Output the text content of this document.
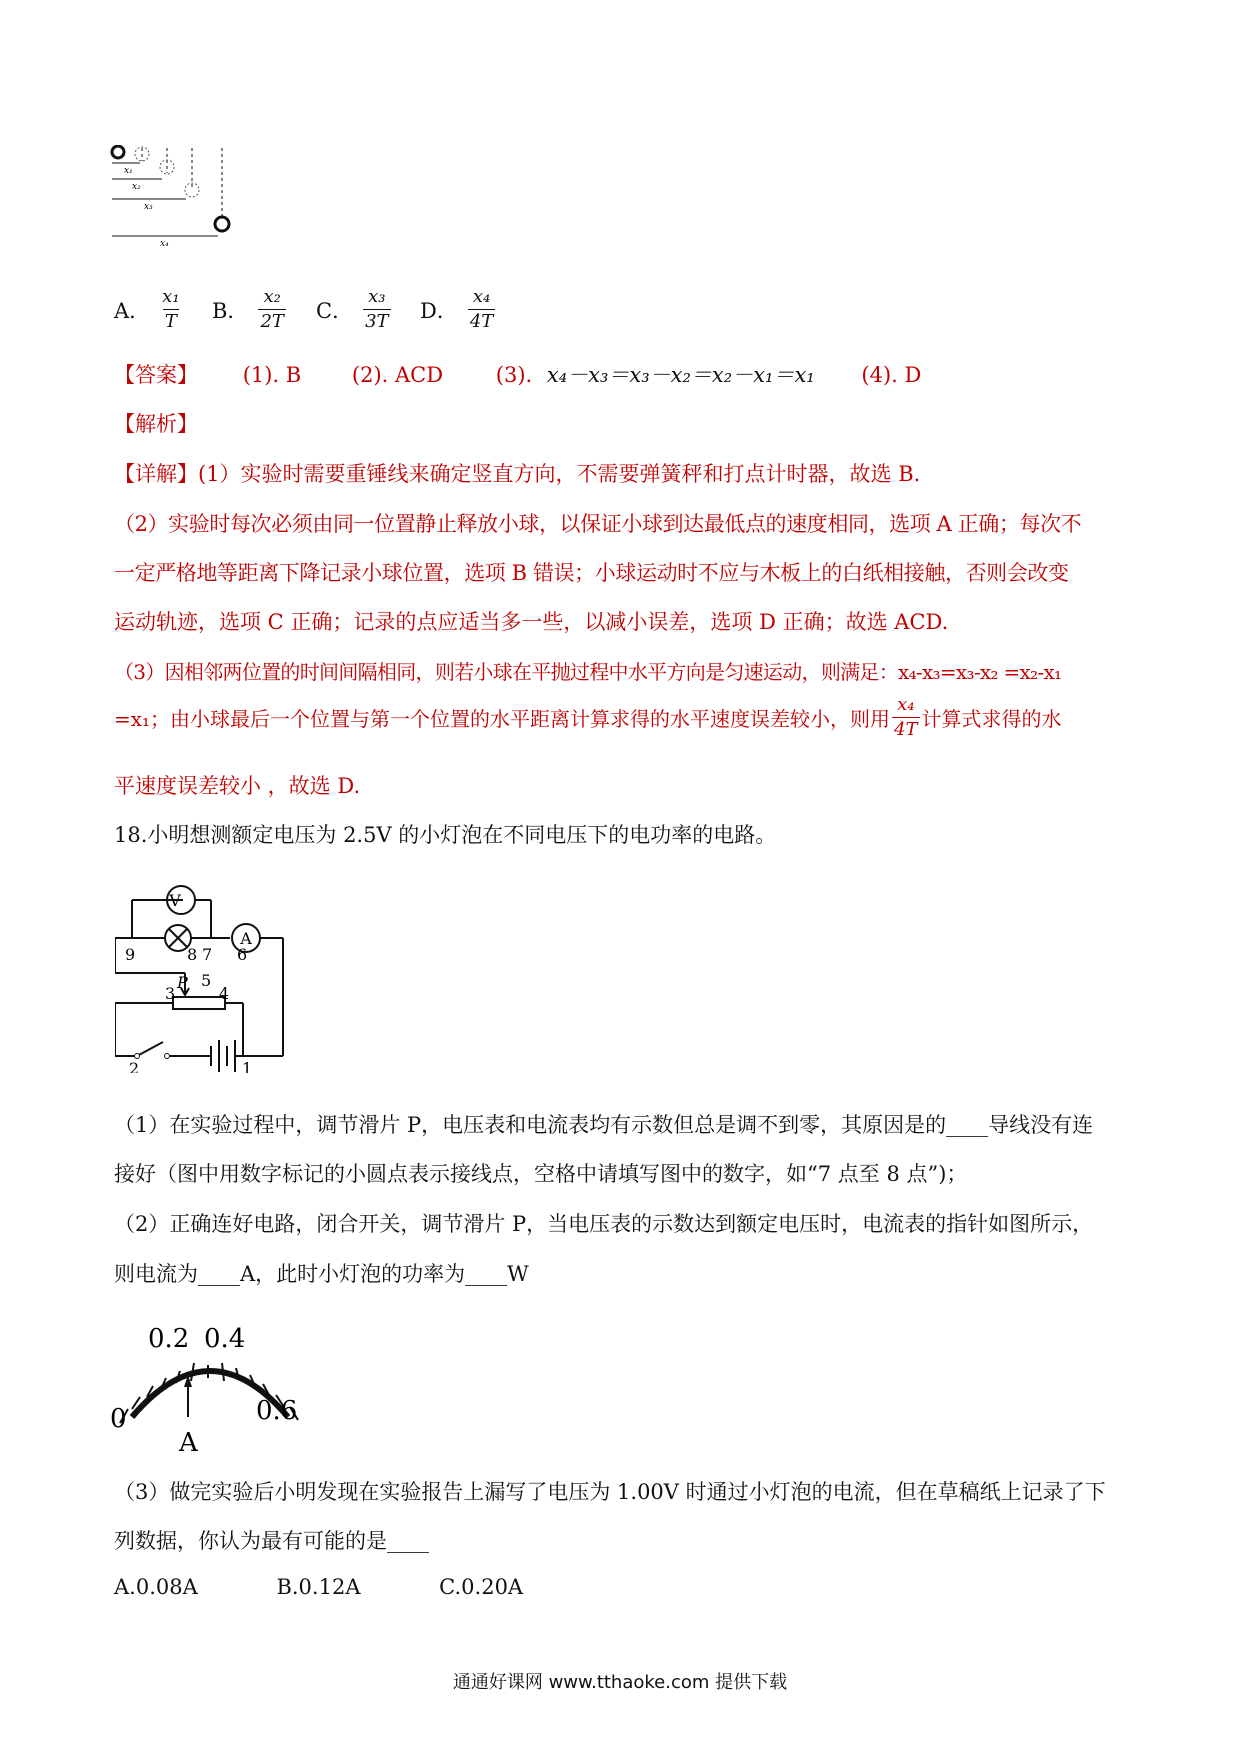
x₁
x₂
x₃
x₄
A． $\frac{\text{x₁}}{T}$ B． $\frac{\text{x₂}}{2T}$ C． $\frac{\text{x₃}}{3T}$ D． $\frac{\text{x₄}}{4T}$
【答案】 (1). B (2). ACD	(3). x₄－x₃＝x₃－x₂＝x₂－x₁＝x₁ (4). D
【解析】
【详解】(1）实验时需要重锤线来确定竖直方向，不需要弹簧秤和打点计时器，故选 B.
（2）实验时每次必须由同一位置静止释放小球，以保证小球到达最低点的速度相同，选项 A 正确；每次不
一定严格地等距离下降记录小球位置，选项 B 错误；小球运动时不应与木板上的白纸相接触，否则会改变
运动轨迹，选项 C 正确；记录的点应适当多一些，以减小误差，选项 D 正确；故选 ACD.
（3）因相邻两位置的时间间隔相同，则若小球在平抛过程中水平方向是匀速运动，则满足：x₄-x₃=x₃-x₂ =x₂-x₁
=x₁；由小球最后一个位置与第一个位置的水平距离计算求得的水平速度误差较小，则用 $\frac{\text{x₄}}{4T}$ 计算式求得的水
平速度误差较小 ，故选 D.
18.小明想测额定电压为 2.5V 的小灯泡在不同电压下的电功率的电路。
V
A
9	8 7 6
3
P 5
4
2	1
（1）在实验过程中，调节滑片 P，电压表和电流表均有示数但总是调不到零，其原因是的____导线没有连
接好（图中用数字标记的小圆点表示接线点，空格中请填写图中的数字，如“7 点至 8 点”)；
（2）正确连好电路，闭合开关，调节滑片 P，当电压表的示数达到额定电压时，电流表的指针如图所示，
则电流为____A，此时小灯泡的功率为____W
0
0.2 0.4
0.6
A
（3）做完实验后小明发现在实验报告上漏写了电压为 1.00V 时通过小灯泡的电流，但在草稿纸上记录了下
列数据，你认为最有可能的是____
A.0.08A	B.0.12A	C.0.20A
通通好课网 www.tthaoke.com 提供下载
